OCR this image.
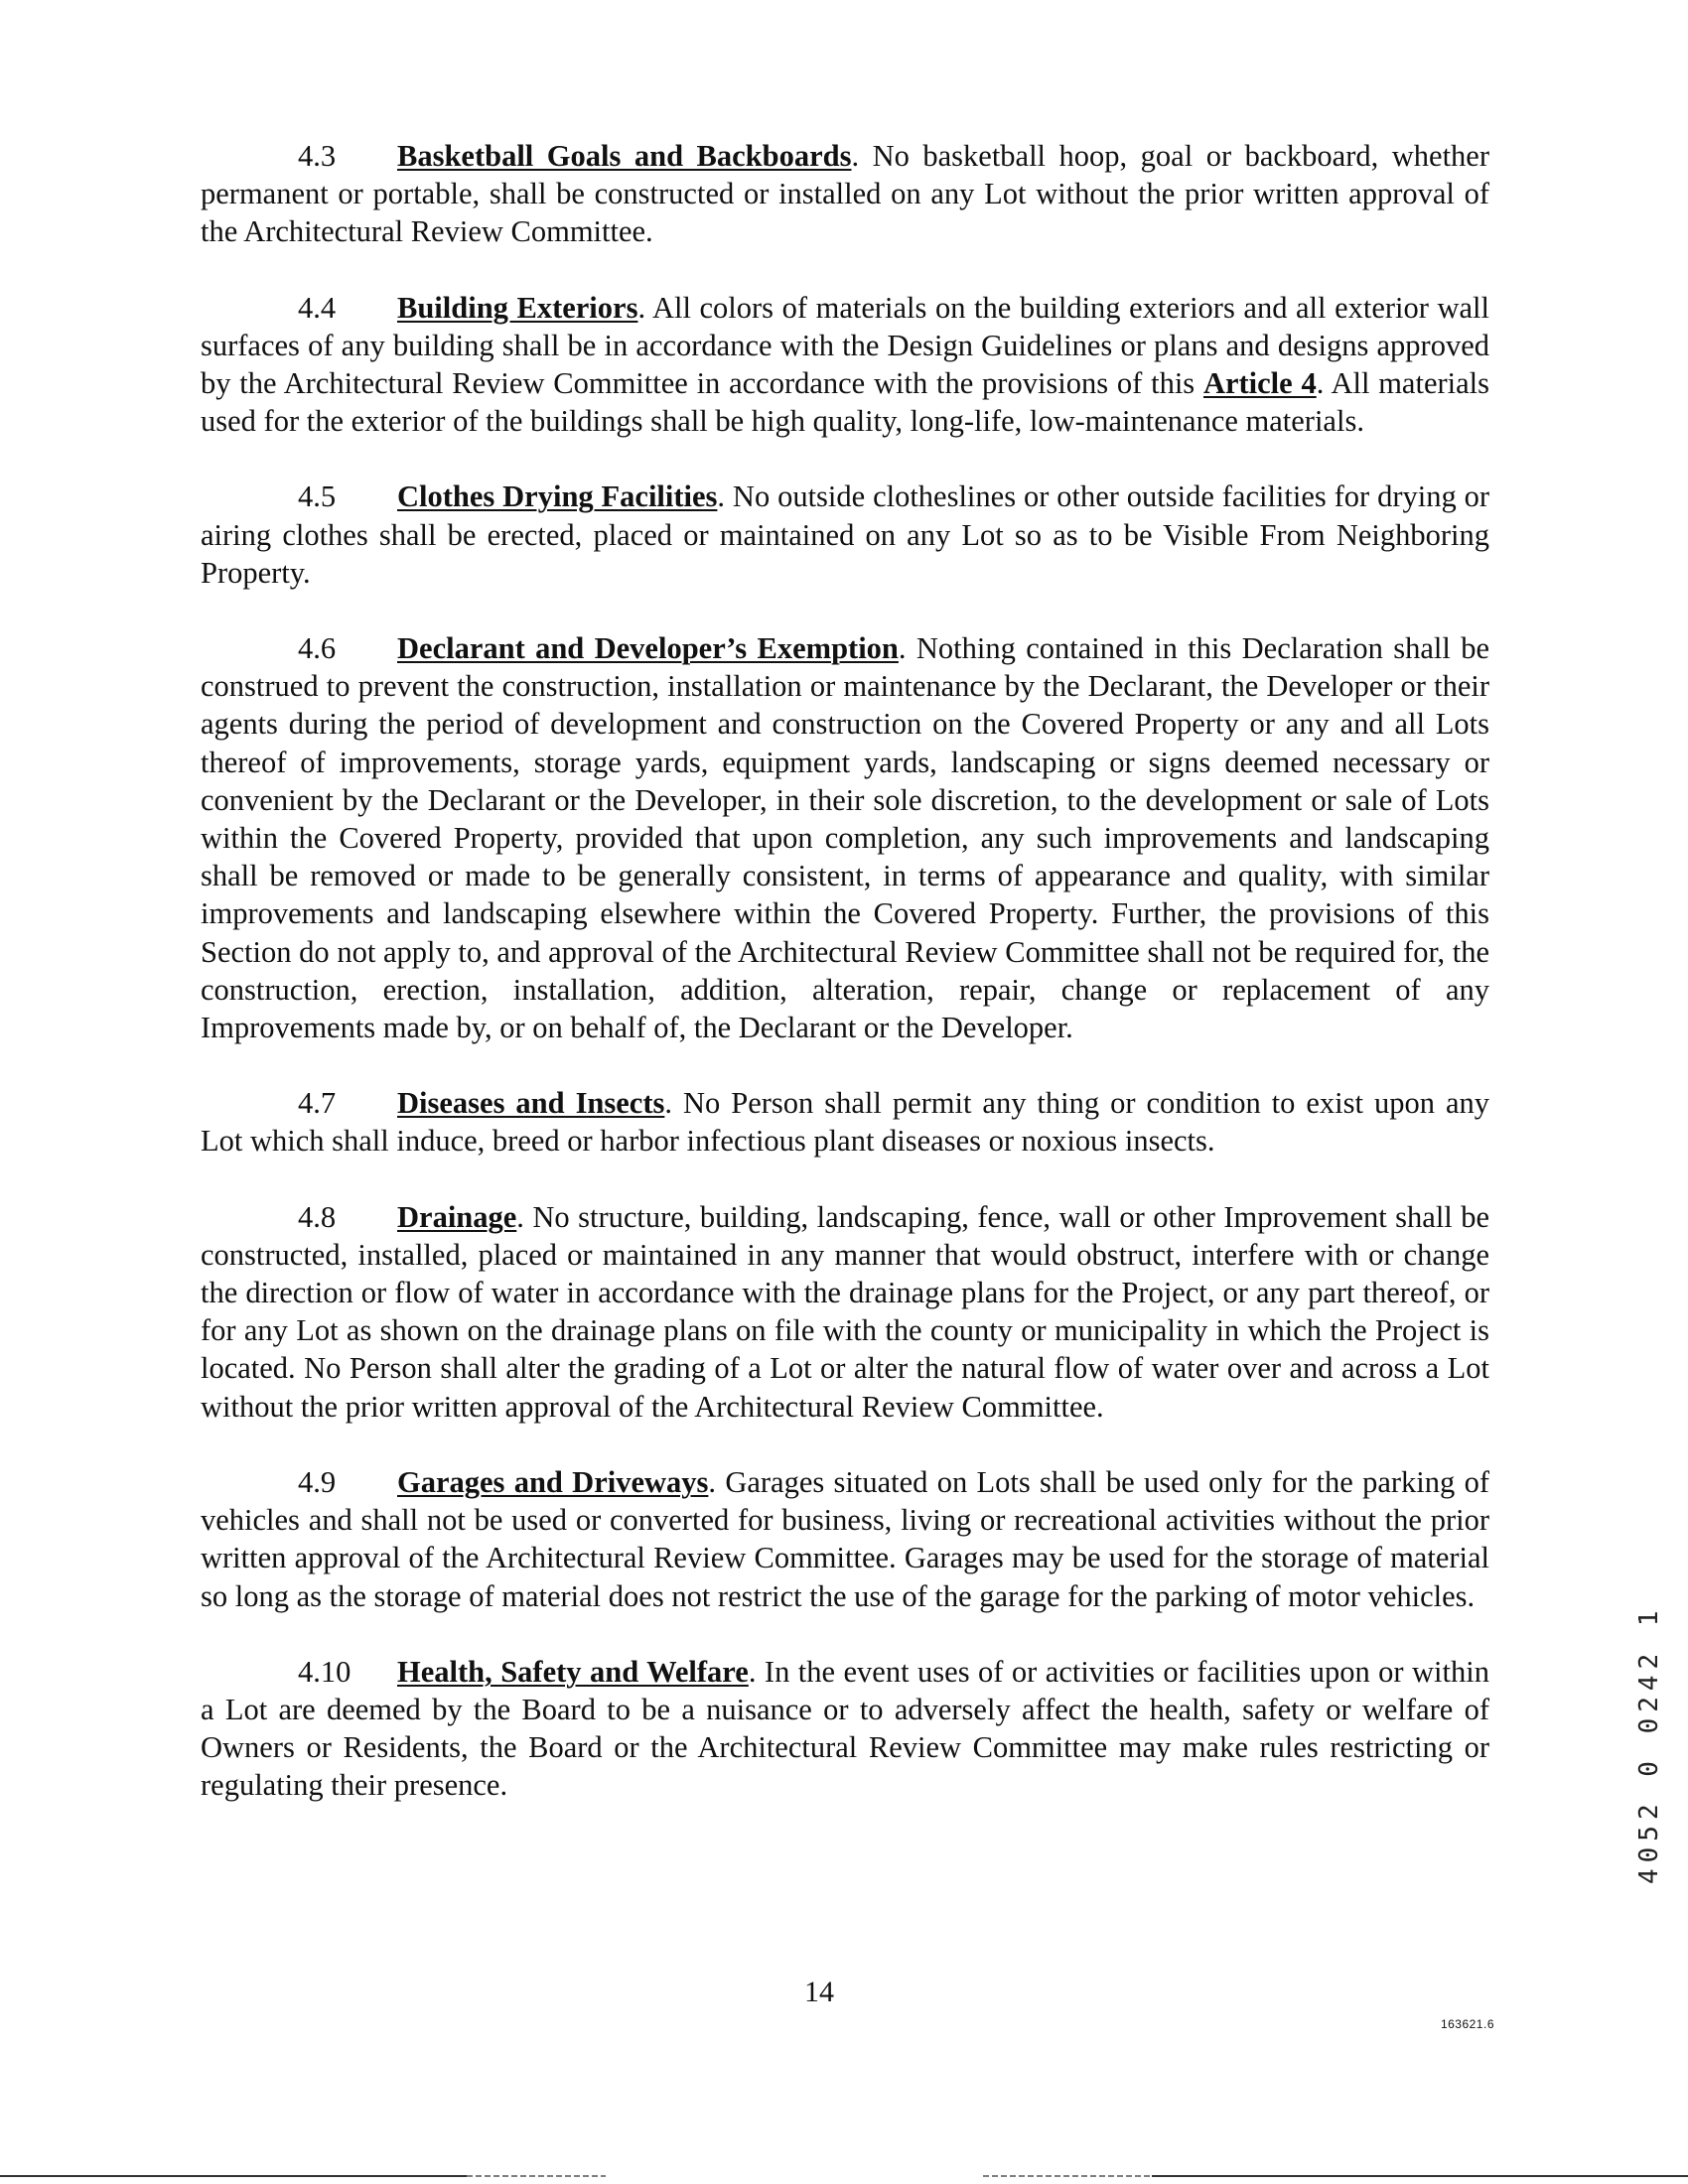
4.3 Basketball Goals and Backboards. No basketball hoop, goal or backboard, whether permanent or portable, shall be constructed or installed on any Lot without the prior written approval of the Architectural Review Committee.

4.4 Building Exteriors. All colors of materials on the building exteriors and all exterior wall surfaces of any building shall be in accordance with the Design Guidelines or plans and designs approved by the Architectural Review Committee in accordance with the provisions of this Article 4. All materials used for the exterior of the buildings shall be high quality, long-life, low-maintenance materials.

4.5 Clothes Drying Facilities. No outside clotheslines or other outside facilities for drying or airing clothes shall be erected, placed or maintained on any Lot so as to be Visible From Neighboring Property.

4.6 Declarant and Developer’s Exemption. Nothing contained in this Declaration shall be construed to prevent the construction, installation or maintenance by the Declarant, the Developer or their agents during the period of development and construction on the Covered Property or any and all Lots thereof of improvements, storage yards, equipment yards, landscaping or signs deemed necessary or convenient by the Declarant or the Developer, in their sole discretion, to the development or sale of Lots within the Covered Property, provided that upon completion, any such improvements and landscaping shall be removed or made to be generally consistent, in terms of appearance and quality, with similar improvements and landscaping elsewhere within the Covered Property. Further, the provisions of this Section do not apply to, and approval of the Architectural Review Committee shall not be required for, the construction, erection, installation, addition, alteration, repair, change or replacement of any Improvements made by, or on behalf of, the Declarant or the Developer.

4.7 Diseases and Insects. No Person shall permit any thing or condition to exist upon any Lot which shall induce, breed or harbor infectious plant diseases or noxious insects.

4.8 Drainage. No structure, building, landscaping, fence, wall or other Improvement shall be constructed, installed, placed or maintained in any manner that would obstruct, interfere with or change the direction or flow of water in accordance with the drainage plans for the Project, or any part thereof, or for any Lot as shown on the drainage plans on file with the county or municipality in which the Project is located. No Person shall alter the grading of a Lot or alter the natural flow of water over and across a Lot without the prior written approval of the Architectural Review Committee.

4.9 Garages and Driveways. Garages situated on Lots shall be used only for the parking of vehicles and shall not be used or converted for business, living or recreational activities without the prior written approval of the Architectural Review Committee. Garages may be used for the storage of material so long as the storage of material does not restrict the use of the garage for the parking of motor vehicles.

4.10 Health, Safety and Welfare. In the event uses of or activities or facilities upon or within a Lot are deemed by the Board to be a nuisance or to adversely affect the health, safety or welfare of Owners or Residents, the Board or the Architectural Review Committee may make rules restricting or regulating their presence.

14
163621.6
4052 0 0242 1
